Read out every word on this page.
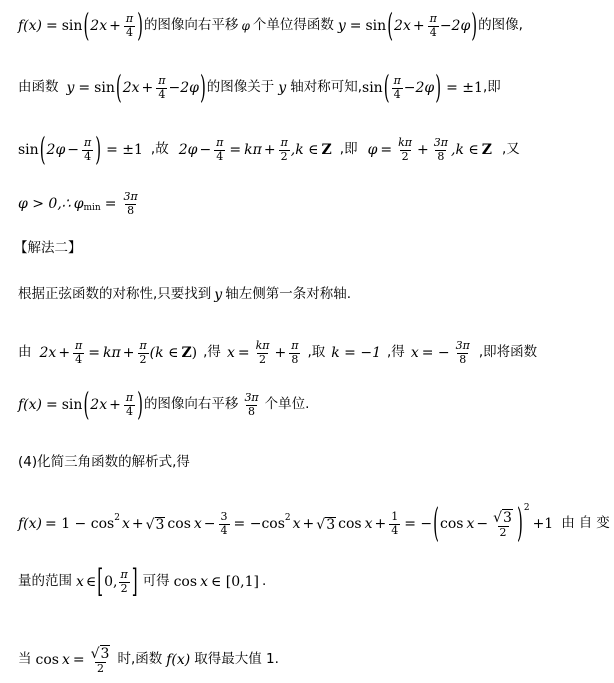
f(x) = sin ( $2x + \frac{\pi}{4}$ ) 的图像向右平移 φ 个单位得函数 y = sin ( $2x + \frac{\pi}{4} -2\varphi$ ) 的图像,
由函数 y = sin ( $2x + \frac{\pi}{4} -2\varphi$ ) 的图像关于 y 轴对称可知, sin ( $\frac{\pi}{4} -2\varphi$ ) = ±1 ,即
sin ( $2\varphi - \frac{\pi}{4}$ ) = ±1 ,故 $2\varphi - \frac{\pi}{4} = k\pi + \frac{\pi}{2} ,k$ ∈ Z ,即 $\varphi = \frac{k\pi}{2} + \frac{3\pi}{8} ,k$ ∈ Z ,又
φ > 0,∴ φ $\min = \frac{3\pi}{8}$
【解法二】
根据正弦函数的对称性,只要找到 y 轴左侧第一条对称轴.
由 $2x + \frac{\pi}{4} = k\pi + \frac{\pi}{2} (k$ ∈ Z ) ,得 $x = \frac{k\pi}{2} + \frac{\pi}{8}$ ,取 k = −1 ,得 x = − $\frac{3\pi}{8}$ ,即将函数
f(x) = sin ( $2x + \frac{\pi}{4}$ ) 的图像向右平移 $\frac{3\pi}{8}$ 个单位.
(4)化简三角函数的解析式,得
f(x) = 1 − cos 2 x + √ 3 $\cos x - \frac{3}{4} = -\cos$ 2 x + √ 3 $\cos x + \frac{1}{4}$ = − ( $\cos x - \frac{√ 3}{2}$ ) 2
+1 由自变
量的范围 x ∈ [ 0, $\frac{\pi}{2}$ ] 可得 cos x ∈ [0,1] .
当 $\cos x = \frac{√ 3}{2}$ 时,函数 f(x) 取得最大值 1.
